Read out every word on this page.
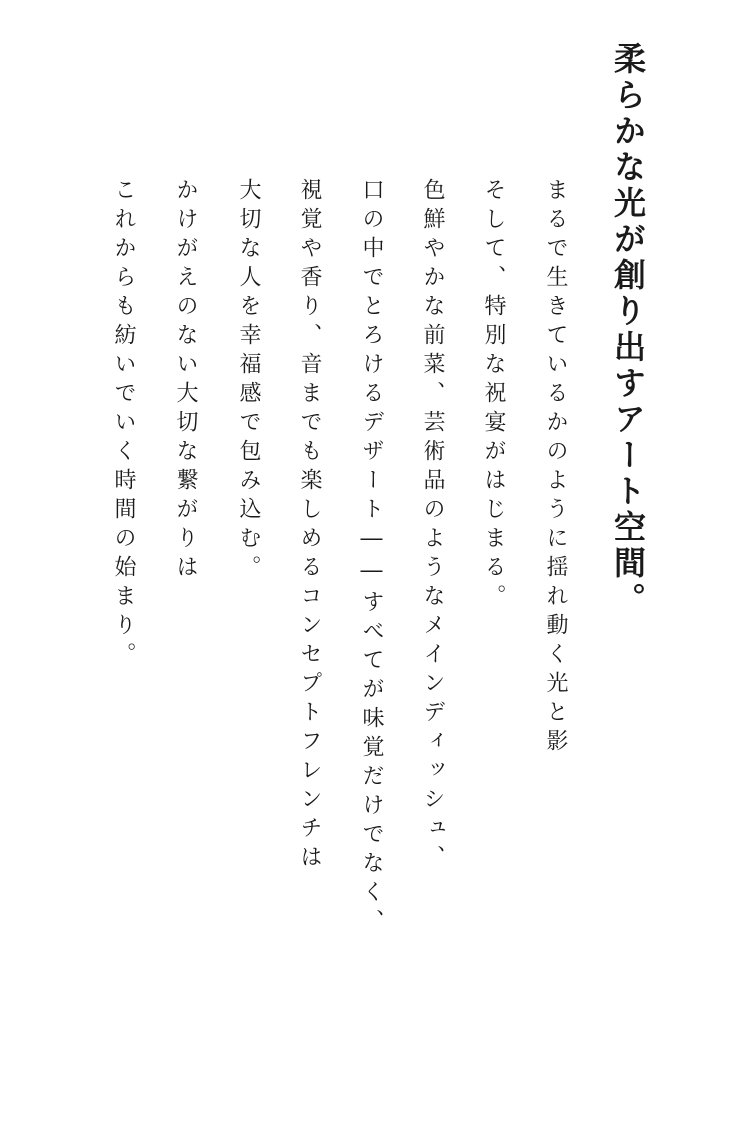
柔らかな光が創り出すアート空間。

まるで生きているかのように揺れ動く光と影

そして、特別な祝宴がはじまる。

色鮮やかな前菜、芸術品のようなメインディッシュ、

口の中でとろけるデザート――すべてが味覚だけでなく、

視覚や香り、音までも楽しめるコンセプトフレンチは

大切な人を幸福感で包み込む。

かけがえのない大切な繋がりは

これからも紡いでいく時間の始まり。
